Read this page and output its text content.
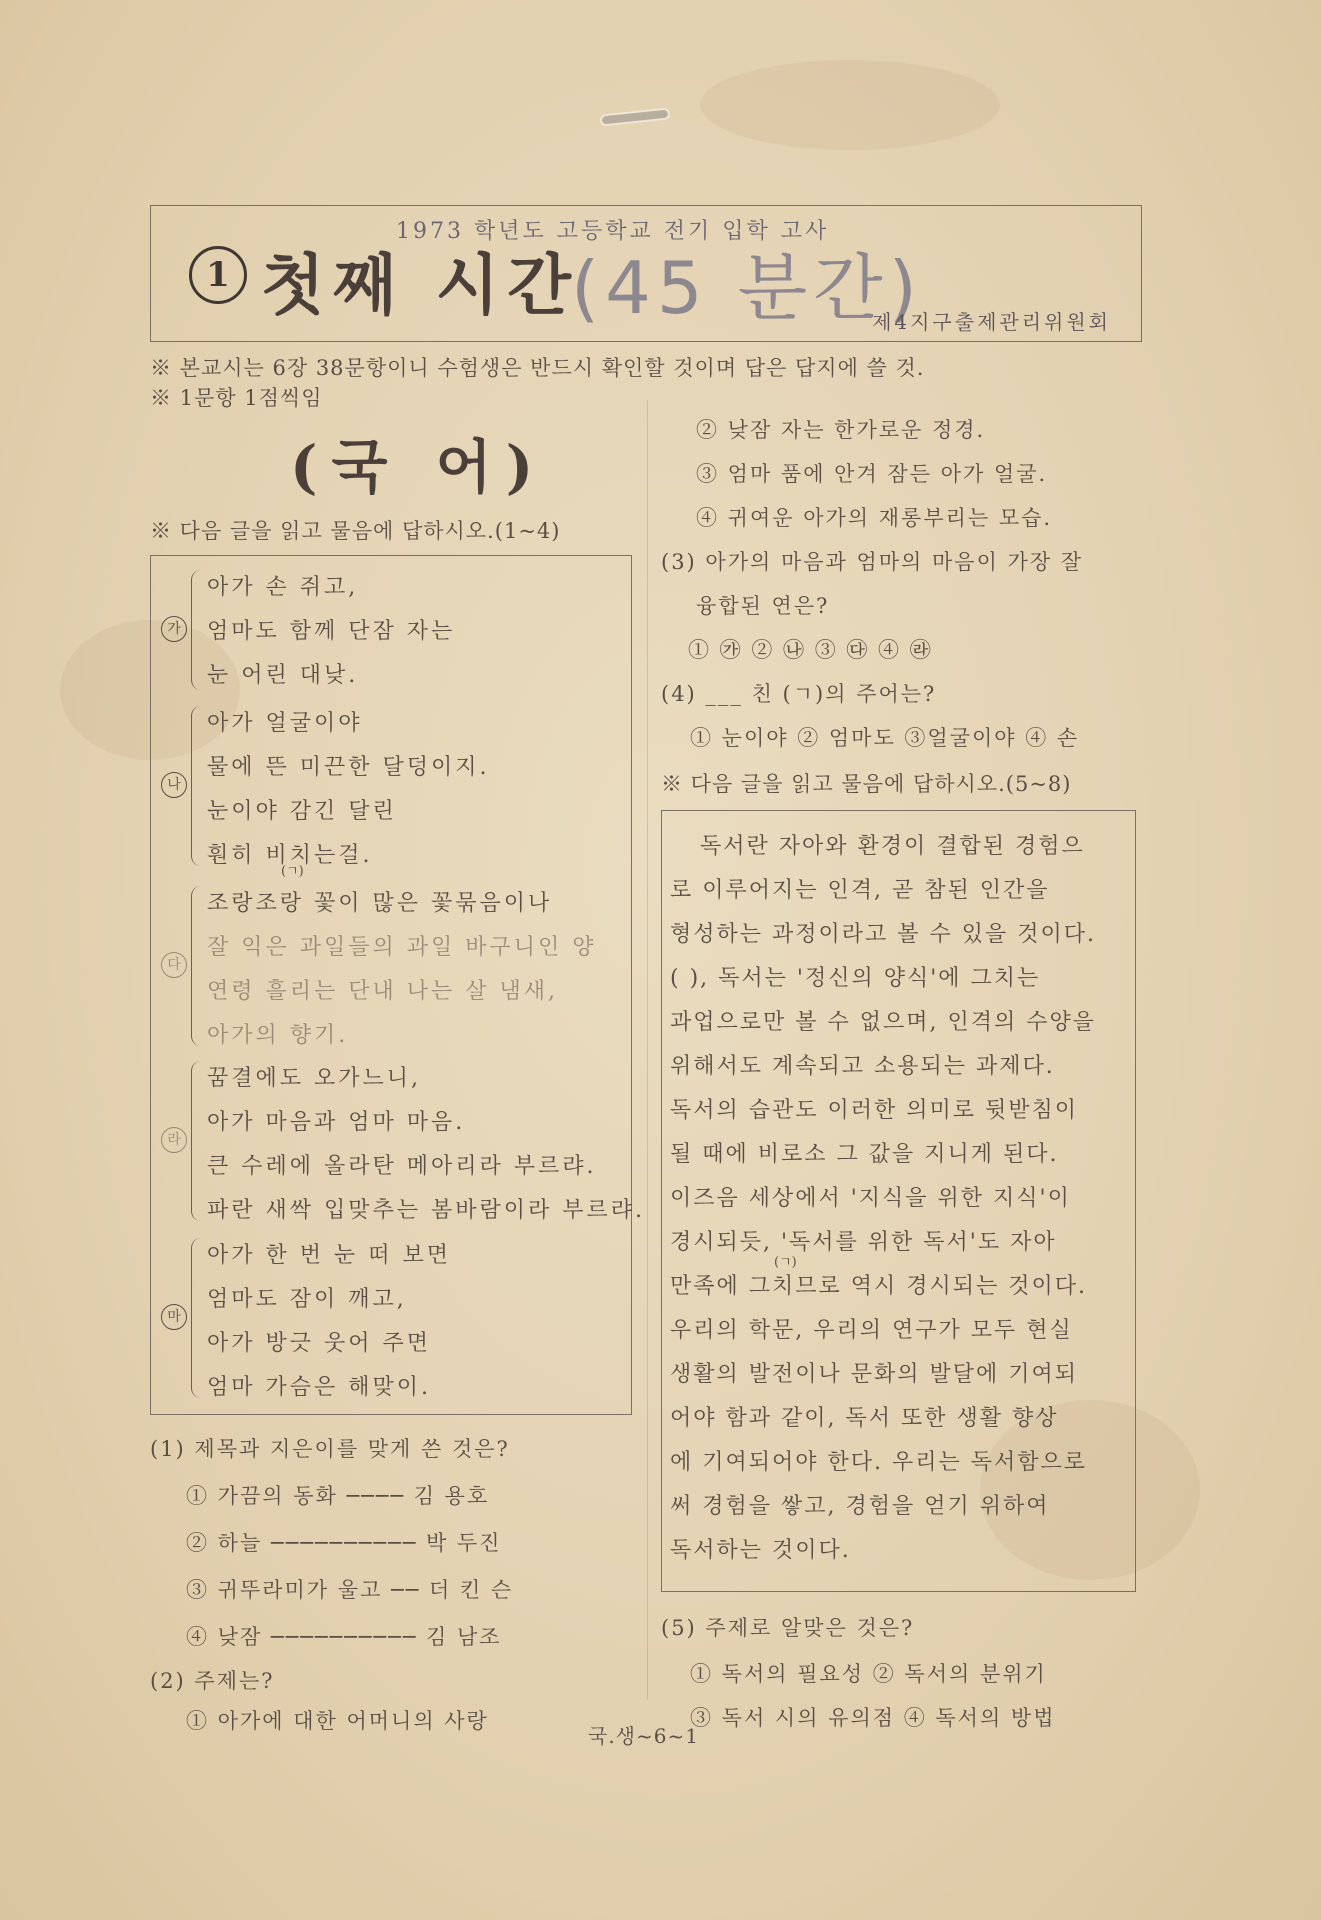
1973 학년도 고등학교 전기 입학 고사
1 첫째 시간
(45 분간)
제4지구출제관리위원회
※ 본교시는 6장 38문항이니 수험생은 반드시 확인할 것이며 답은 답지에 쓸 것.
※ 1문항 1점씩임
(국 어)
※ 다음 글을 읽고 물음에 답하시오.(1~4)
가
아가 손 쥐고,
엄마도 함께 단잠 자는
눈 어린 대낮.
나
아가 얼굴이야
물에 뜬 미끈한 달덩이지.
눈이야 감긴 달린
훤히 비치는걸.
(ㄱ)
다
조랑조랑 꽃이 많은 꽃묶음이나
잘 익은 과일들의 과일 바구니인 양
연령 흘리는 단내 나는 살 냄새,
아가의 향기.
라
꿈결에도 오가느니,
아가 마음과 엄마 마음.
큰 수레에 올라탄 메아리라 부르랴.
파란 새싹 입맞추는 봄바람이라 부르랴.
마
아가 한 번 눈 떠 보면
엄마도 잠이 깨고,
아가 방긋 웃어 주면
엄마 가슴은 해맞이.
(1) 제목과 지은이를 맞게 쓴 것은?
① 가끔의 동화 ──── 김 용호
② 하늘 ────────── 박 두진
③ 귀뚜라미가 울고 ── 더 킨 슨
④ 낮잠 ────────── 김 남조
(2) 주제는?
① 아가에 대한 어머니의 사랑
② 낮잠 자는 한가로운 정경.
③ 엄마 품에 안겨 잠든 아가 얼굴.
④ 귀여운 아가의 재롱부리는 모습.
(3) 아가의 마음과 엄마의 마음이 가장 잘
융합된 연은?
① ㉮ ② ㉯ ③ ㉰ ④ ㉱
(4) ___ 친 (ㄱ)의 주어는?
① 눈이야 ② 엄마도 ③얼굴이야 ④ 손
※ 다음 글을 읽고 물음에 답하시오.(5~8)
독서란 자아와 환경이 결합된 경험으
로 이루어지는 인격, 곧 참된 인간을
형성하는 과정이라고 볼 수 있을 것이다.
( ), 독서는 '정신의 양식'에 그치는
과업으로만 볼 수 없으며, 인격의 수양을
위해서도 계속되고 소용되는 과제다.
독서의 습관도 이러한 의미로 뒷받침이
될 때에 비로소 그 값을 지니게 된다.
이즈음 세상에서 '지식을 위한 지식'이
경시되듯, '독서를 위한 독서'도 자아
(ㄱ)
만족에 그치므로 역시 경시되는 것이다.
우리의 학문, 우리의 연구가 모두 현실
생활의 발전이나 문화의 발달에 기여되
어야 함과 같이, 독서 또한 생활 향상
에 기여되어야 한다. 우리는 독서함으로
써 경험을 쌓고, 경험을 얻기 위하여
독서하는 것이다.
(5) 주제로 알맞은 것은?
① 독서의 필요성 ② 독서의 분위기
③ 독서 시의 유의점 ④ 독서의 방법
국.생~6~1
